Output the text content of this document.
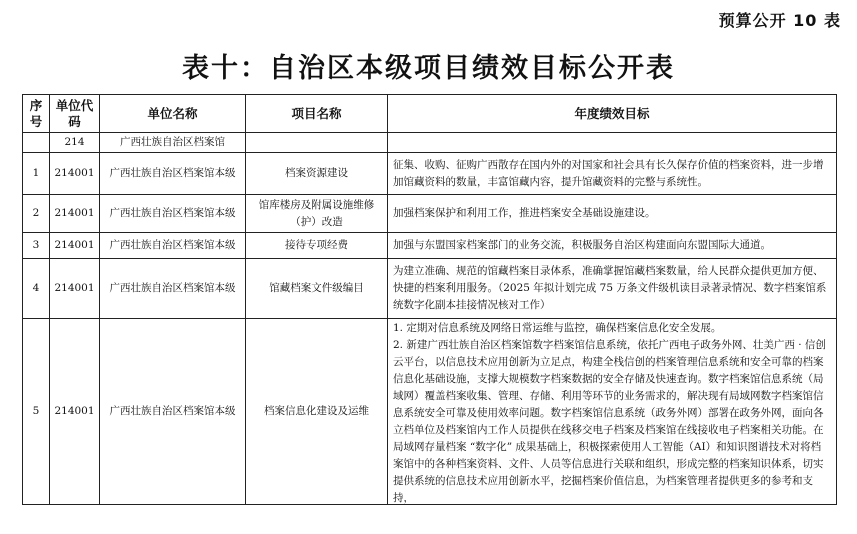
预算公开 10 表
表十：自治区本级项目绩效目标公开表
序号	单位代码	单位名称	项目名称	年度绩效目标
	214	广西壮族自治区档案馆		
1	214001	广西壮族自治区档案馆本级	档案资源建设	征集、收购、征购广西散存在国内外的对国家和社会具有长久保存价值的档案资料，进一步增加馆藏资料的数量，丰富馆藏内容，提升馆藏资料的完整与系统性。

2	214001	广西壮族自治区档案馆本级	馆库楼房及附属设施维修（护）改造	加强档案保护和利用工作，推进档案安全基础设施建设。

3	214001	广西壮族自治区档案馆本级	接待专项经费	加强与东盟国家档案部门的业务交流，积极服务自治区构建面向东盟国际大通道。

4	214001	广西壮族自治区档案馆本级	馆藏档案文件级编目	为建立准确、规范的馆藏档案目录体系，准确掌握馆藏档案数量，给人民群众提供更加方便、快捷的档案利用服务。（2025 年拟计划完成 75 万条文件级机读目录著录情况、数字档案馆系统数字化副本挂接情况核对工作）

5	214001	广西壮族自治区档案馆本级	档案信息化建设及运维	1. 定期对信息系统及网络日常运维与监控，确保档案信息化安全发展。
2. 新建广西壮族自治区档案馆数字档案馆信息系统，依托广西电子政务外网、壮美广西 · 信创云平台，以信息技术应用创新为立足点，构建全栈信创的档案管理信息系统和安全可靠的档案信息化基础设施，支撑大规模数字档案数据的安全存储及快速查询。数字档案馆信息系统（局域网）覆盖档案收集、管理、存储、利用等环节的业务需求的，解决现有局域网数字档案馆信息系统安全可靠及使用效率问题。数字档案馆信息系统（政务外网）部署在政务外网，面向各立档单位及档案馆内工作人员提供在线移交电子档案及档案馆在线接收电子档案相关功能。在局域网存量档案 “数字化” 成果基础上，积极探索使用人工智能（AI）和知识图谱技术对将档案馆中的各种档案资料、文件、人员等信息进行关联和组织，形成完整的档案知识体系，切实提供系统的信息技术应用创新水平，挖掘档案价值信息，为档案管理者提供更多的参考和支持，
